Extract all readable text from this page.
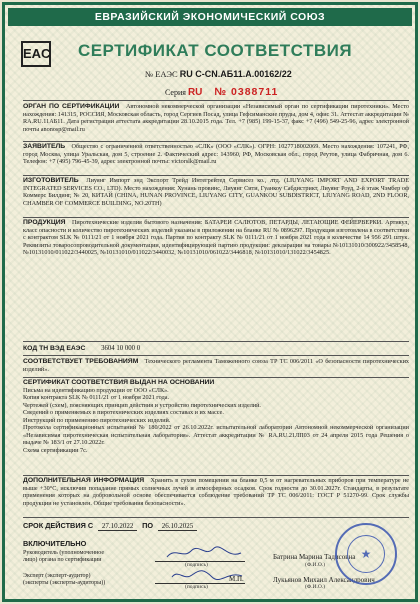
ЕВРАЗИЙСКИЙ ЭКОНОМИЧЕСКИЙ СОЮЗ
EAC	СЕРТИФИКАТ СООТВЕТСТВИЯ
№ ЕАЭС RU C-CN.АБ11.А.00162/22
Серия RU № 0388711
ОРГАН ПО СЕРТИФИКАЦИИ Автономной некоммерческой организации «Независимый орган по сертификации пиротехники». Место нахождения: 141315, РОССИЯ, Московская область, город Сергиев Посад, улица Гефсиманские пруды, дом 4, офис 31. Аттестат аккредитации № RA.RU.11АБ11. Дата регистрации аттестата аккредитации 28.10.2015 года. Тел. +7 (985) 199-15-37, факс +7 (496) 549-25-96, адрес электронной почты anonosp@mail.ru
ЗАЯВИТЕЛЬ Общество с ограниченной ответственностью «СЛК» (ООО «СЛК»). ОГРН: 1027718002069. Место нахождения: 107241, РФ, город Москва, улица Уральская, дом 5, строение 2. Фактический адрес: 143960, РФ, Московская обл., город Реутов, улица Фабричная, дом 6. Телефон: +7 (495) 796-45-39, адрес электронной почты: victorslk@mail.ru
ИЗГОТОВИТЕЛЬ Лиуянг Импорт энд Экспорт Трейд Интегрейтед Сервисез ко., лтд. (LIUYANG IMPORT AND EXPORT TRADE INTEGRATED SERVICES CO., LTD). Место нахождения: Хунань провинс, Лиуянг Сити, Гуанкоу Сабдистрикт, Лиуянг Роуд, 2-й этаж Чэмбер оф Коммерс Билдинг, № 20, КИТАЙ (CHINA, HUNAN PROVINCE, LIUYANG CITY, GUANKOU SUBDISTRICT, LIUYANG ROAD, 2ND FLOOR, CHAMBER OF COMMERCE BUILDING, NO.20TH)
ПРОДУКЦИЯ Пиротехнические изделия бытового назначения: БАТАРЕИ САЛЮТОВ, ПЕТАРДЫ, ЛЕТАЮЩИЕ ФЕЙЕРВЕРКИ. Артикул, класс опасности и количество пиротехнических изделий указаны в приложении на бланке RU № 0896297. Продукция изготовлена в соответствии с контрактом SLK № 0111/21 от 1 ноября 2021 года. Партия по контракту SLK № 0111/21 от 1 ноября 2021 года в количестве 14 956 291 штук. Реквизиты товаросопроводительной документации, идентифицирующей партию продукции: декларации на товары №10131010/300922/3458548, №10131010/011022/3440025, №10131010/011022/3440032, №10131010/061022/3446818, №10131010/131022/3454825.
КОД ТН ВЭД ЕАЭС 3604 10 000 0
СООТВЕТСТВУЕТ ТРЕБОВАНИЯМ Технического регламента Таможенного союза ТР ТС 006/2011 «О безопасности пиротехнических изделий».
СЕРТИФИКАТ СООТВЕТСТВИЯ ВЫДАН НА ОСНОВАНИИ
Письма на идентификацию продукции от ООО «СЛК».
Копия контракта SLK № 0111/21 от 1 ноября 2021 года.
Чертежей (схем), поясняющих принцип действия и устройство пиротехнических изделий.
Сведений о применяемых в пиротехнических изделиях составах и их массе.
Инструкций по применению пиротехнических изделий.
Протокола сертификационных испытаний № 180/2022 от 26.10.2022г. испытательной лаборатории Автономной некоммерческой организации «Независимая пиротехническая испытательная лаборатория». Аттестат аккредитации № RA.RU.21ЛП03 от 24 апреля 2015 года Решения о выдаче № 183/1 от 27.10.2022г.
Схема сертификации 7с.
ДОПОЛНИТЕЛЬНАЯ ИНФОРМАЦИЯ Хранить в сухом помещении на бланке 0,5 м от нагревательных приборов при температуре не выше +30°С, исключив попадание прямых солнечных лучей и атмосферных осадков. Срок годности до 30.01.2027г. Стандарты, в результате применения которых на добровольной основе обеспечивается соблюдение требований ТР ТС 006/2011: ГОСТ Р 51270-99. Срок службы продукции не установлен. Общие требования безопасности».
СРОК ДЕЙСТВИЯ С 27.10.2022 ПО 26.10.2025
ВКЛЮЧИТЕЛЬНО
Руководитель (уполномоченное
лицо) органа по сертификации
(подпись)
Батрина Марина Тадисовна
(Ф.И.О.)
Эксперт (эксперт-аудитор)
(эксперты (эксперты-аудиторы))
(подпись)
Лукьянов Михаил Александрович
(Ф.И.О.)
М.П.
★
